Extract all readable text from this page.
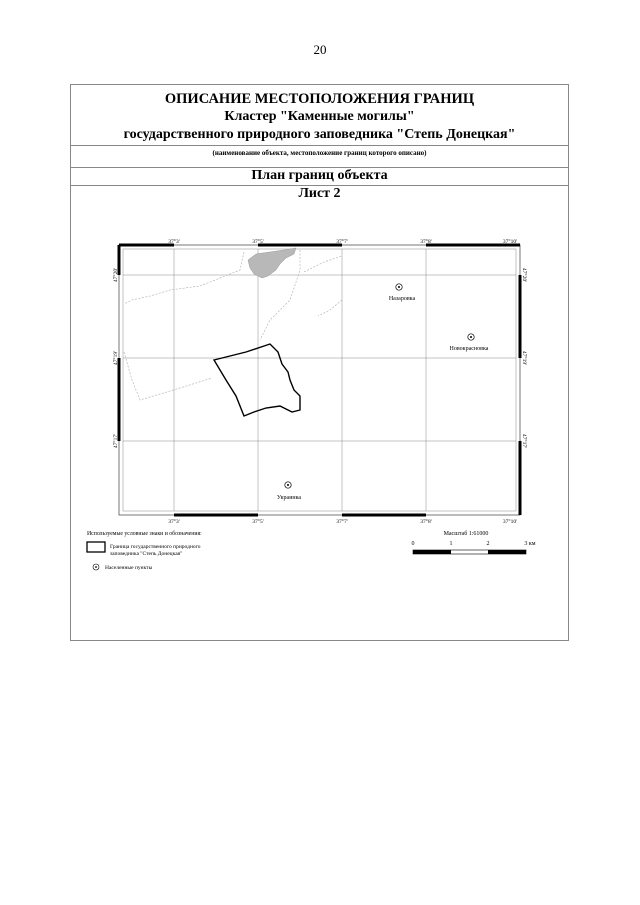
20
ОПИСАНИЕ МЕСТОПОЛОЖЕНИЯ ГРАНИЦ
Кластер "Каменные могилы"
государственного природного заповедника "Степь Донецкая"
(наименование объекта, местоположение границ которого описано)
План границ объекта
Лист 2
37°3'	37°5'	37°7'	37°8'	37°10'
37°3'	37°5'	37°7'	37°8'	37°10'
47°20'
47°19'
47°17'
47°20'
47°19'
47°17'
Назаровка
Новокрасновка
Украинка
Используемые условные знаки и обозначения:
Граница государственного природного
заповедника "Степь Донецкая"
Населенные пункты
Масштаб 1:61000
0	1	2	3 км
